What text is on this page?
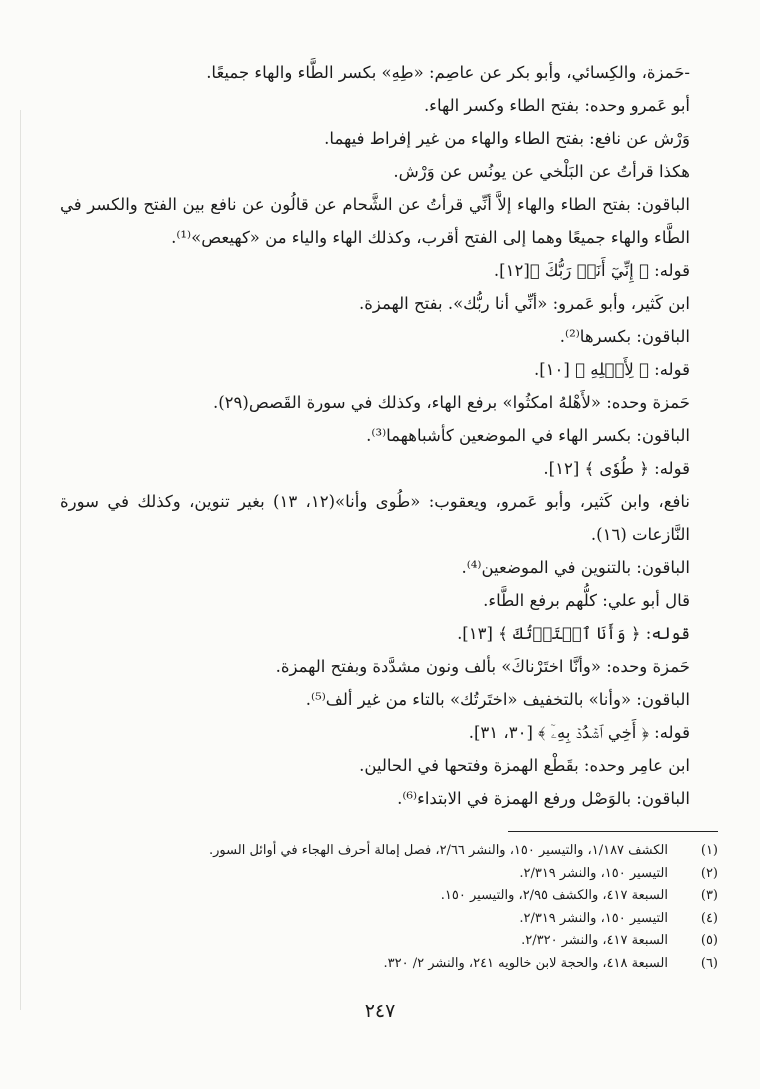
-حَمزة، والكِسائي، وأبو بكر عن عاصِم: «طِهِ» بكسر الطَّاء والهاء جميعًا.
أبو عَمرو وحده: بفتح الطاء وكسر الهاء.
وَرْش عن نافع: بفتح الطاء والهاء من غير إفراط فيهما.
هكذا قرأتُ عن البَلْخي عن يونُس عن وَرْش.
الباقون: بفتح الطاء والهاء إلاَّ أنِّي قرأتُ عن الشَّحام عن قالُون عن نافع بين الفتح والكسر في الطَّاء والهاء جميعًا وهما إلى الفتح أقرب، وكذلك الهاء والياء من «كهيعص»⁽¹⁾.
قوله: ﴿ إِنِّيٓ أَنَا۠ رَبُّكَ ﴾[١٢].
ابن كَثير، وأبو عَمرو: «أنِّي أنا ربُّك». بفتح الهمزة.
الباقون: بكسرها⁽²⁾.
قوله: ﴿ لِأَهۡلِهِ ﴾ [١٠].
حَمزة وحده: «لأَهْلهُ امكثُوا» برفع الهاء، وكذلك في سورة القَصص(٢٩).
الباقون: بكسر الهاء في الموضعين كأشباههما⁽³⁾.
قوله: ﴿ طُوٗى ﴾ [١٢].
نافع، وابن كَثير، وأبو عَمرو، ويعقوب: «طُوى وأنا»(١٢، ١٣) بغير تنوين، وكذلك في سورة النَّازعات (١٦).
الباقون: بالتنوين في الموضعين⁽⁴⁾.
قال أبو علي: كلُّهم برفع الطَّاء.
قوله: ﴿ وَأَنَا ٱخۡتَرۡتُكَ ﴾ [١٣].
حَمزة وحده: «وأنَّا اختَرْناكَ» بألف ونون مشدَّدة وبفتح الهمزة.
الباقون: «وأنا» بالتخفيف «اختَرتُك» بالتاء من غير ألف⁽⁵⁾.
قوله: ﴿ أَخِي ٱشۡدُدۡ بِهِۦٓ ﴾ [٣٠، ٣١].
ابن عامِر وحده: بقَطْع الهمزة وفتحها في الحالين.
الباقون: بالوَصْل ورفع الهمزة في الابتداء⁽⁶⁾.
(١)
الكشف ١/١٨٧، والتيسير ١٥٠، والنشر ٢/٦٦، فصل إمالة أحرف الهجاء في أوائل السور.
(٢)
التيسير ١٥٠، والنشر ٢/٣١٩.
(٣)
السبعة ٤١٧، والكشف ٢/٩٥، والتيسير ١٥٠.
(٤)
التيسير ١٥٠، والنشر ٢/٣١٩.
(٥)
السبعة ٤١٧، والنشر ٢/٣٢٠.
(٦)
السبعة ٤١٨، والحجة لابن خالويه ٢٤١، والنشر ٢/ ٣٢٠.
٢٤٧
